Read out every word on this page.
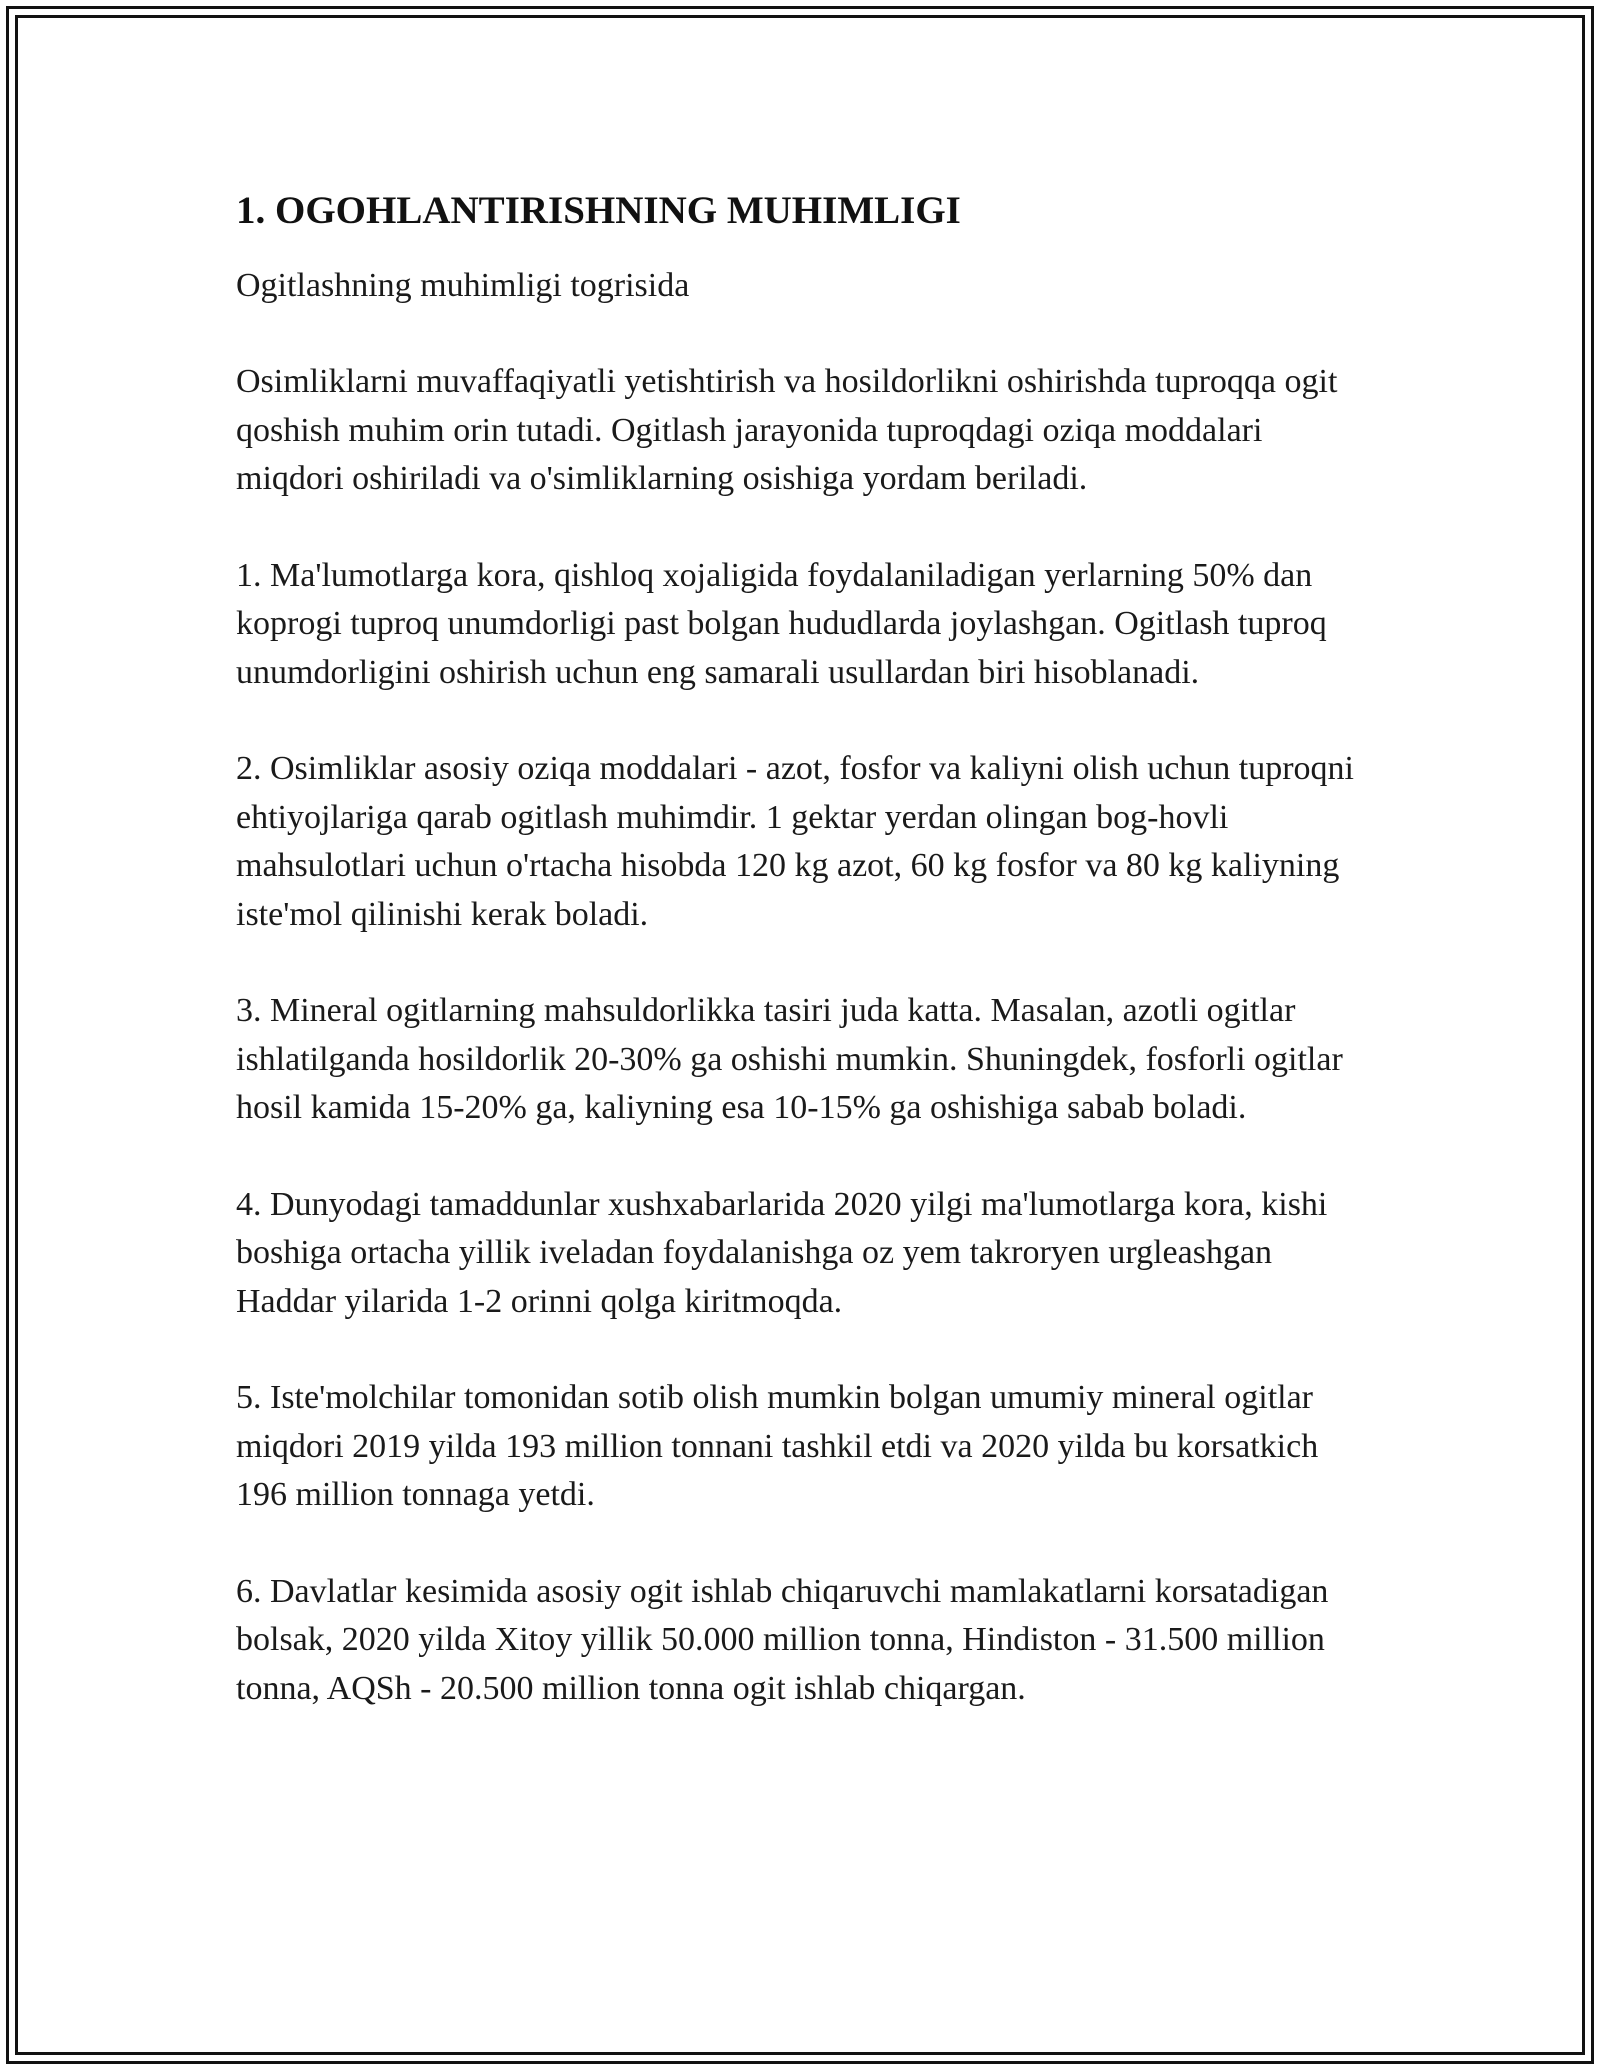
1. OGOHLANTIRISHNING MUHIMLIGI

Ogitlashning muhimligi togrisida

Osimliklarni muvaffaqiyatli yetishtirish va hosildorlikni oshirishda tuproqqa ogit qoshish muhim orin tutadi. Ogitlash jarayonida tuproqdagi oziqa moddalari miqdori oshiriladi va o'simliklarning osishiga yordam beriladi.

1. Ma'lumotlarga kora, qishloq xojaligida foydalaniladigan yerlarning 50% dan koprogi tuproq unumdorligi past bolgan hududlarda joylashgan. Ogitlash tuproq unumdorligini oshirish uchun eng samarali usullardan biri hisoblanadi.

2. Osimliklar asosiy oziqa moddalari - azot, fosfor va kaliyni olish uchun tuproqni ehtiyojlariga qarab ogitlash muhimdir. 1 gektar yerdan olingan bog-hovli mahsulotlari uchun o'rtacha hisobda 120 kg azot, 60 kg fosfor va 80 kg kaliyning iste'mol qilinishi kerak boladi.

3. Mineral ogitlarning mahsuldorlikka tasiri juda katta. Masalan, azotli ogitlar ishlatilganda hosildorlik 20-30% ga oshishi mumkin. Shuningdek, fosforli ogitlar hosil kamida 15-20% ga, kaliyning esa 10-15% ga oshishiga sabab boladi.

4. Dunyodagi tamaddunlar xushxabarlarida 2020 yilgi ma'lumotlarga kora, kishi boshiga ortacha yillik iveladan foydalanishga oz yem takroryen urgleashgan Haddar yilarida 1-2 orinni qolga kiritmoqda.

5. Iste'molchilar tomonidan sotib olish mumkin bolgan umumiy mineral ogitlar miqdori 2019 yilda 193 million tonnani tashkil etdi va 2020 yilda bu korsatkich 196 million tonnaga yetdi.

6. Davlatlar kesimida asosiy ogit ishlab chiqaruvchi mamlakatlarni korsatadigan bolsak, 2020 yilda Xitoy yillik 50.000 million tonna, Hindiston - 31.500 million tonna, AQSh - 20.500 million tonna ogit ishlab chiqargan.
